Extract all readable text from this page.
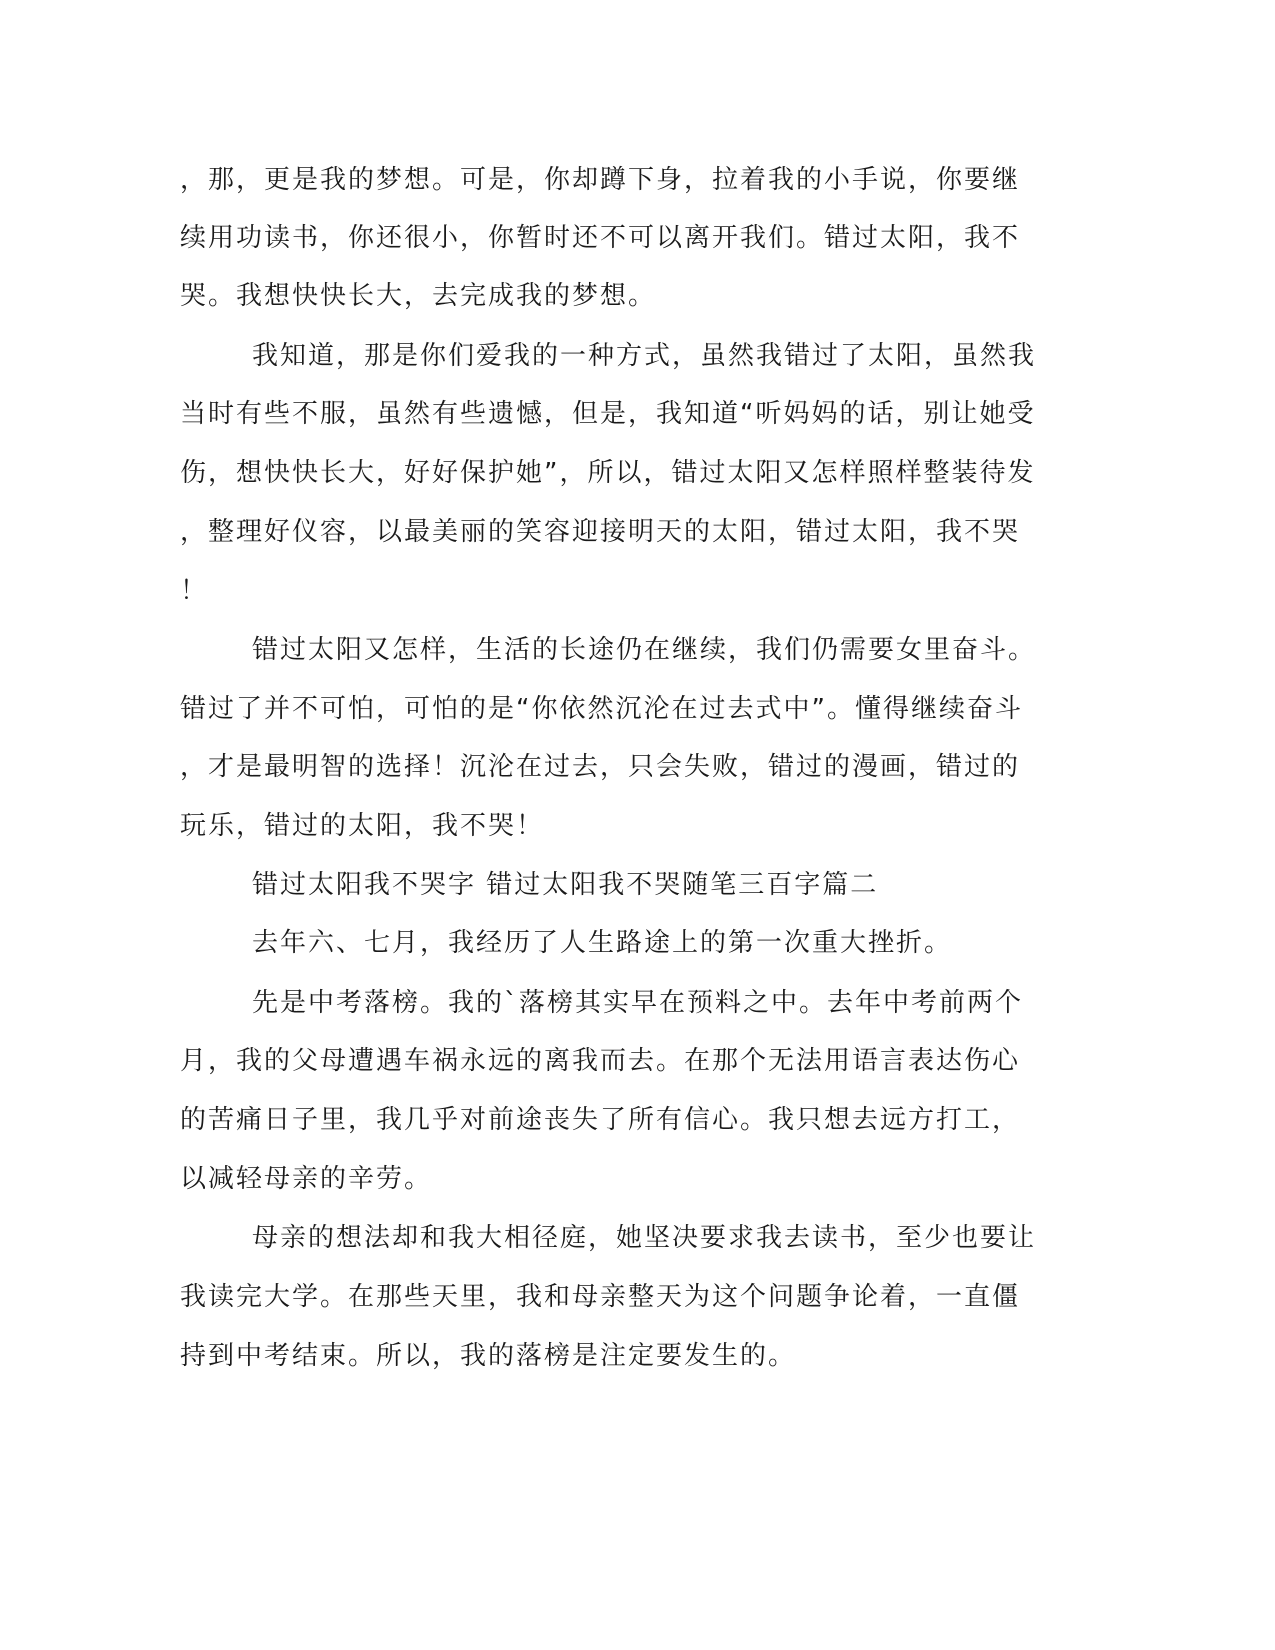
，那，更是我的梦想。可是，你却蹲下身，拉着我的小手说，你要继
续用功读书，你还很小，你暂时还不可以离开我们。错过太阳，我不
哭。我想快快长大，去完成我的梦想。
我知道，那是你们爱我的一种方式，虽然我错过了太阳，虽然我
当时有些不服，虽然有些遗憾，但是，我知道“听妈妈的话，别让她受
伤，想快快长大，好好保护她”，所以，错过太阳又怎样照样整装待发
，整理好仪容，以最美丽的笑容迎接明天的太阳，错过太阳，我不哭
！
错过太阳又怎样，生活的长途仍在继续，我们仍需要女里奋斗。
错过了并不可怕，可怕的是“你依然沉沦在过去式中”。懂得继续奋斗
，才是最明智的选择！沉沦在过去，只会失败，错过的漫画，错过的
玩乐，错过的太阳，我不哭！
错过太阳我不哭字 错过太阳我不哭随笔三百字篇二
去年六、七月，我经历了人生路途上的第一次重大挫折。
先是中考落榜。我的`落榜其实早在预料之中。去年中考前两个
月，我的父母遭遇车祸永远的离我而去。在那个无法用语言表达伤心
的苦痛日子里，我几乎对前途丧失了所有信心。我只想去远方打工，
以减轻母亲的辛劳。
母亲的想法却和我大相径庭，她坚决要求我去读书，至少也要让
我读完大学。在那些天里，我和母亲整天为这个问题争论着，一直僵
持到中考结束。所以，我的落榜是注定要发生的。
